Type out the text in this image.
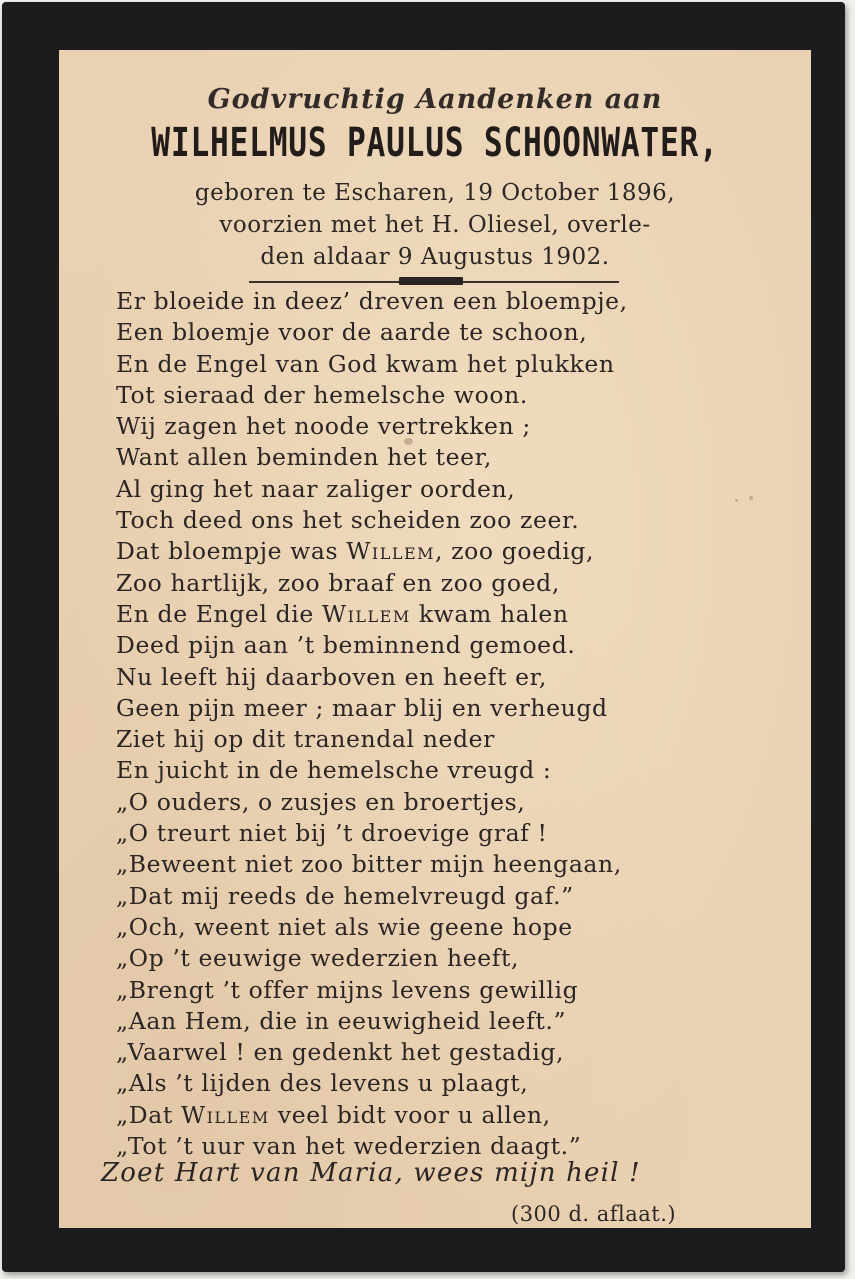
Godvruchtig Aandenken aan
WILHELMUS PAULUS SCHOONWATER,
geboren te Escharen, 19 October 1896,
voorzien met het H. Oliesel, overle-
den aldaar 9 Augustus 1902.
Er bloeide in deez’ dreven een bloempje,
Een bloemje voor de aarde te schoon,
En de Engel van God kwam het plukken
Tot sieraad der hemelsche woon.
Wij zagen het noode vertrekken ;
Want allen beminden het teer,
Al ging het naar zaliger oorden,
Toch deed ons het scheiden zoo zeer.
Dat bloempje was Willem, zoo goedig,
Zoo hartlijk, zoo braaf en zoo goed,
En de Engel die Willem kwam halen
Deed pijn aan ’t beminnend gemoed.
Nu leeft hij daarboven en heeft er,
Geen pijn meer ; maar blij en verheugd
Ziet hij op dit tranendal neder
En juicht in de hemelsche vreugd :
„O ouders, o zusjes en broertjes,
„O treurt niet bij ’t droevige graf !
„Beweent niet zoo bitter mijn heengaan,
„Dat mij reeds de hemelvreugd gaf.”
„Och, weent niet als wie geene hope
„Op ’t eeuwige wederzien heeft,
„Brengt ’t offer mijns levens gewillig
„Aan Hem, die in eeuwigheid leeft.”
„Vaarwel ! en gedenkt het gestadig,
„Als ’t lijden des levens u plaagt,
„Dat Willem veel bidt voor u allen,
„Tot ’t uur van het wederzien daagt.”
Zoet Hart van Maria, wees mijn heil !
(300 d. aflaat.)
